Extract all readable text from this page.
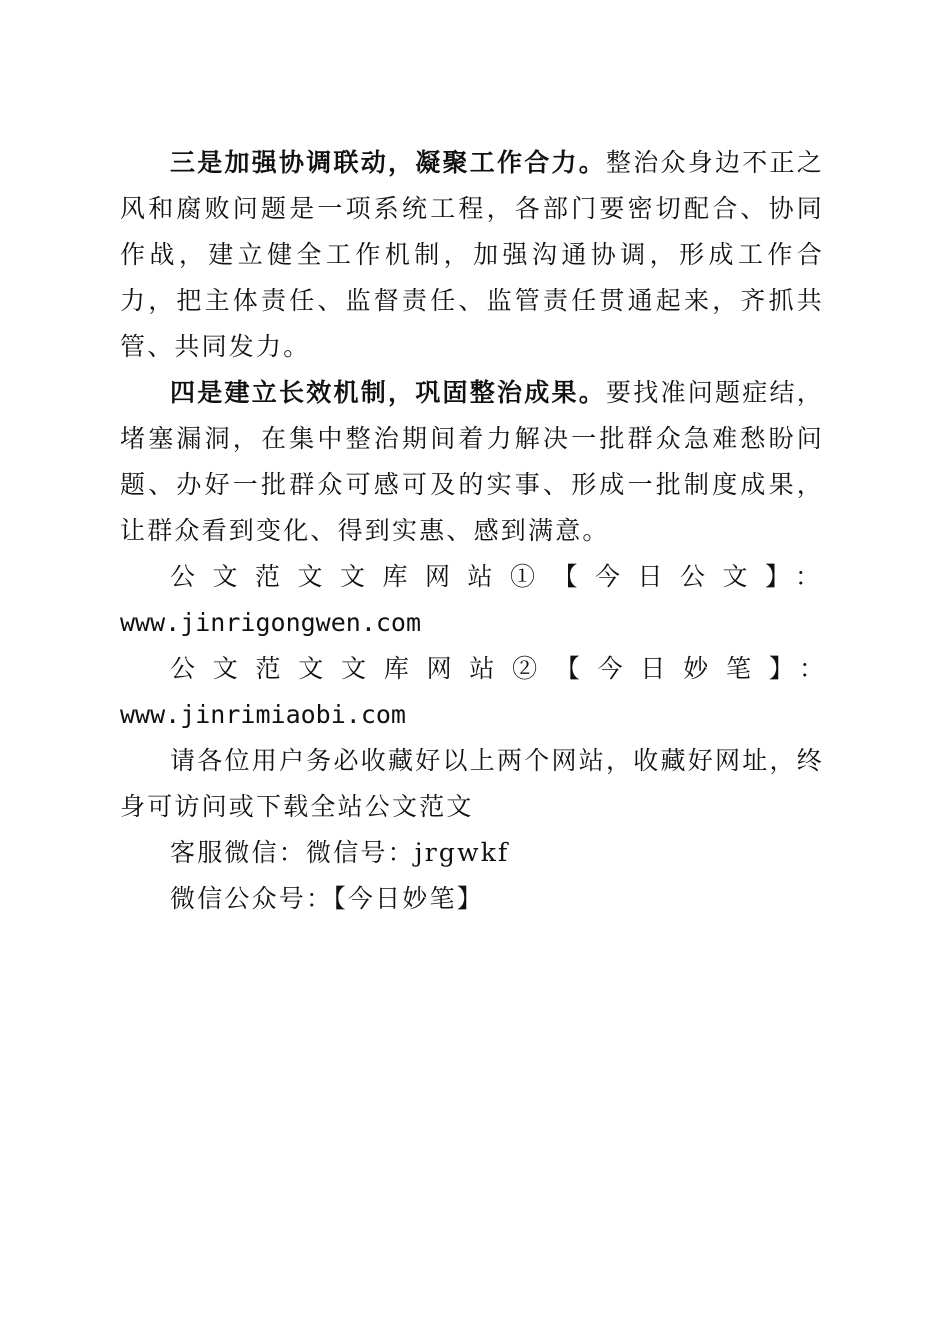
三是加强协调联动，凝聚工作合力。整治众身边不正之风和腐败问题是一项系统工程，各部门要密切配合、协同作战，建立健全工作机制，加强沟通协调，形成工作合力，把主体责任、监督责任、监管责任贯通起来，齐抓共管、共同发力。

四是建立长效机制，巩固整治成果。要找准问题症结，堵塞漏洞，在集中整治期间着力解决一批群众急难愁盼问题、办好一批群众可感可及的实事、形成一批制度成果，让群众看到变化、得到实惠、感到满意。

公文范文文库网站①【今日公文】：

www.jinrigongwen.com

公文范文文库网站②【今日妙笔】：www.jinrimiaobi.com

请各位用户务必收藏好以上两个网站，收藏好网址，终身可访问或下载全站公文范文

客服微信：微信号：jrgwkf

微信公众号：【今日妙笔】
